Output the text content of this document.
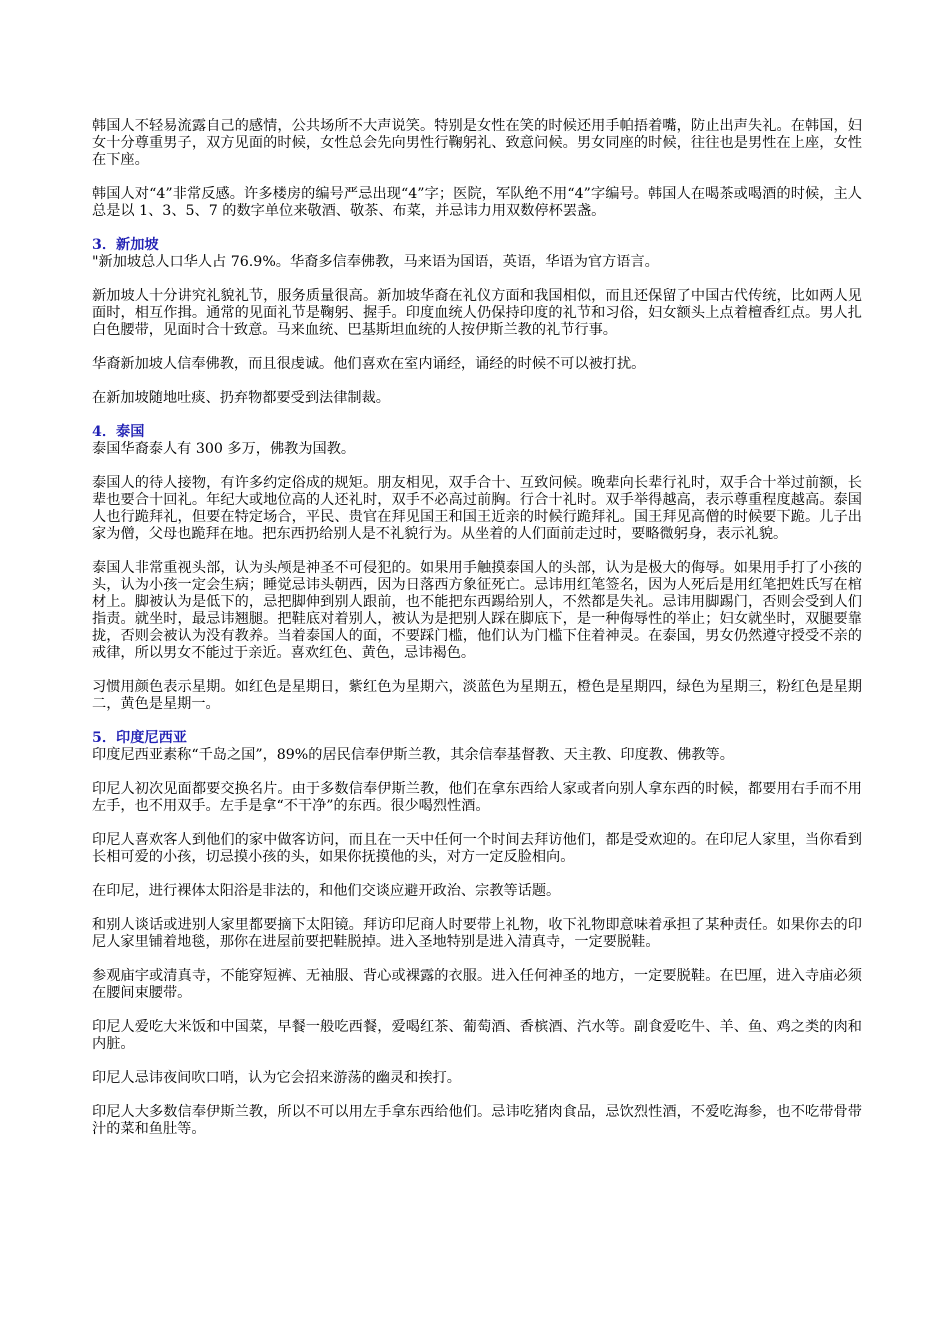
韩国人不轻易流露自己的感情，公共场所不大声说笑。特别是女性在笑的时候还用手帕捂着嘴，防止出声失礼。在韩国，妇女十分尊重男子，双方见面的时候，女性总会先向男性行鞠躬礼、致意问候。男女同座的时候，往往也是男性在上座，女性在下座。

韩国人对“4”非常反感。许多楼房的编号严忌出现“4”字；医院，军队绝不用“4”字编号。韩国人在喝茶或喝酒的时候，主人总是以 1、3、5、7 的数字单位来敬酒、敬茶、布菜，并忌讳力用双数停杯罢盏。

3．新加坡

"新加坡总人口华人占 76.9%。华裔多信奉佛教，马来语为国语，英语，华语为官方语言。

新加坡人十分讲究礼貌礼节，服务质量很高。新加坡华裔在礼仪方面和我国相似，而且还保留了中国古代传统，比如两人见面时，相互作揖。通常的见面礼节是鞠躬、握手。印度血统人仍保持印度的礼节和习俗，妇女额头上点着檀香红点。男人扎白色腰带，见面时合十致意。马来血统、巴基斯坦血统的人按伊斯兰教的礼节行事。

华裔新加坡人信奉佛教，而且很虔诚。他们喜欢在室内诵经，诵经的时候不可以被打扰。

在新加坡随地吐痰、扔弃物都要受到法律制裁。

4．泰国

泰国华裔泰人有 300 多万，佛教为国教。

泰国人的待人接物，有许多约定俗成的规矩。朋友相见，双手合十、互致问候。晚辈向长辈行礼时，双手合十举过前额，长辈也要合十回礼。年纪大或地位高的人还礼时，双手不必高过前胸。行合十礼时。双手举得越高，表示尊重程度越高。泰国人也行跪拜礼，但要在特定场合，平民、贵官在拜见国王和国王近亲的时候行跪拜礼。国王拜见高僧的时候要下跪。儿子出家为僧，父母也跪拜在地。把东西扔给别人是不礼貌行为。从坐着的人们面前走过时，要略微躬身，表示礼貌。

泰国人非常重视头部，认为头颅是神圣不可侵犯的。如果用手触摸泰国人的头部，认为是极大的侮辱。如果用手打了小孩的头，认为小孩一定会生病；睡觉忌讳头朝西，因为日落西方象征死亡。忌讳用红笔签名，因为人死后是用红笔把姓氏写在棺材上。脚被认为是低下的，忌把脚伸到别人跟前，也不能把东西踢给别人，不然都是失礼。忌讳用脚踢门，否则会受到人们指责。就坐时，最忌讳翘腿。把鞋底对着别人，被认为是把别人踩在脚底下，是一种侮辱性的举止；妇女就坐时，双腿要靠拢，否则会被认为没有教养。当着泰国人的面，不要踩门槛，他们认为门槛下住着神灵。在泰国，男女仍然遵守授受不亲的戒律，所以男女不能过于亲近。喜欢红色、黄色，忌讳褐色。

习惯用颜色表示星期。如红色是星期日，紫红色为星期六，淡蓝色为星期五，橙色是星期四，绿色为星期三，粉红色是星期二，黄色是星期一。

5．印度尼西亚

印度尼西亚素称“千岛之国”，89%的居民信奉伊斯兰教，其余信奉基督教、天主教、印度教、佛教等。

印尼人初次见面都要交换名片。由于多数信奉伊斯兰教，他们在拿东西给人家或者向别人拿东西的时候，都要用右手而不用左手，也不用双手。左手是拿“不干净”的东西。很少喝烈性酒。

印尼人喜欢客人到他们的家中做客访问，而且在一天中任何一个时间去拜访他们，都是受欢迎的。在印尼人家里，当你看到长相可爱的小孩，切忌摸小孩的头，如果你抚摸他的头，对方一定反脸相向。

在印尼，进行裸体太阳浴是非法的，和他们交谈应避开政治、宗教等话题。

和别人谈话或进别人家里都要摘下太阳镜。拜访印尼商人时要带上礼物，收下礼物即意味着承担了某种责任。如果你去的印尼人家里铺着地毯，那你在进屋前要把鞋脱掉。进入圣地特别是进入清真寺，一定要脱鞋。

参观庙宇或清真寺，不能穿短裤、无袖服、背心或裸露的衣服。进入任何神圣的地方，一定要脱鞋。在巴厘，进入寺庙必须在腰间束腰带。

印尼人爱吃大米饭和中国菜，早餐一般吃西餐，爱喝红茶、葡萄酒、香槟酒、汽水等。副食爱吃牛、羊、鱼、鸡之类的肉和内脏。

印尼人忌讳夜间吹口哨，认为它会招来游荡的幽灵和挨打。

印尼人大多数信奉伊斯兰教，所以不可以用左手拿东西给他们。忌讳吃猪肉食品，忌饮烈性酒，不爱吃海参，也不吃带骨带汁的菜和鱼肚等。
